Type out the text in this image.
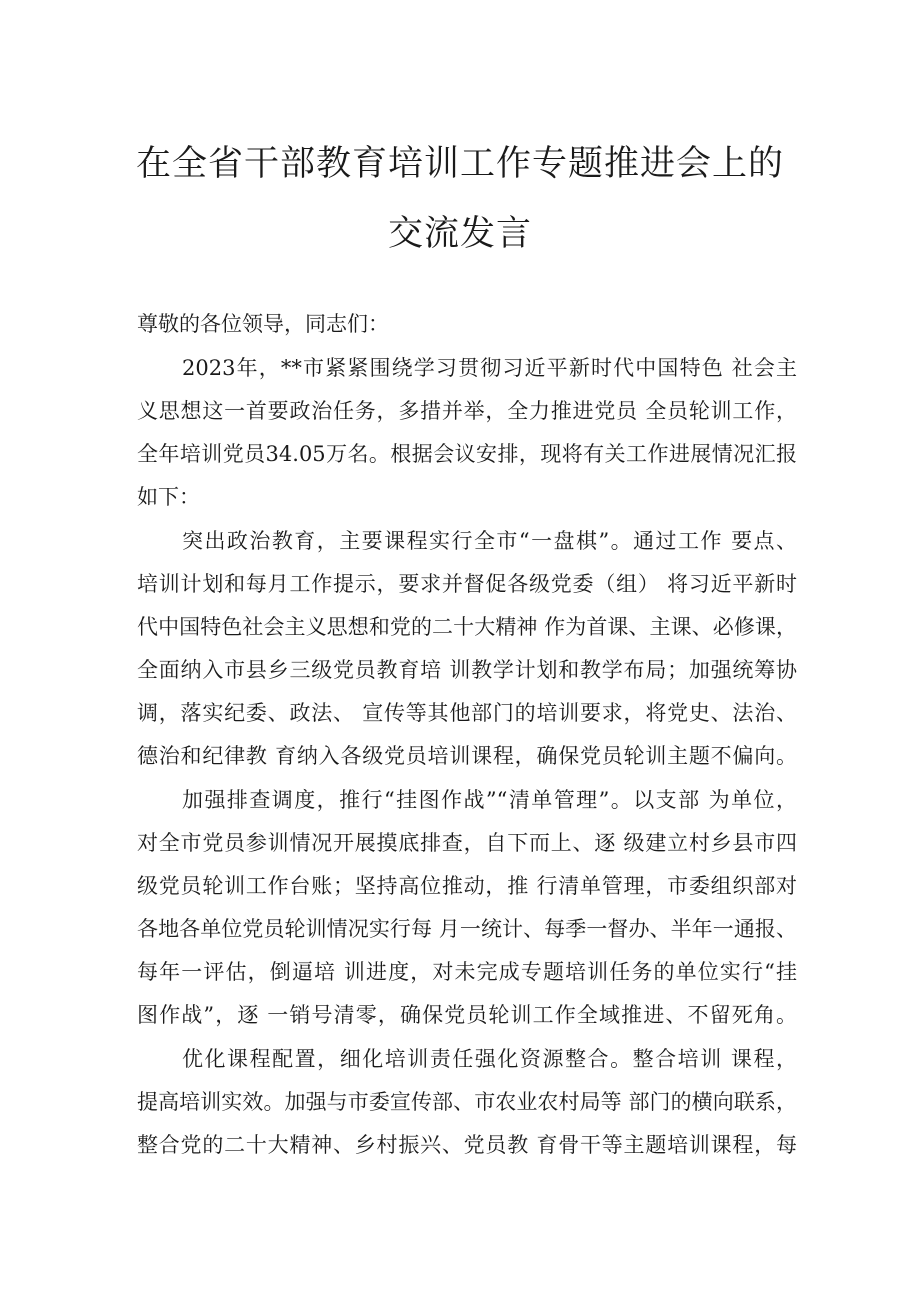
在全省干部教育培训工作专题推进会上的
交流发言

尊敬的各位领导，同志们：

2023年，**市紧紧围绕学习贯彻习近平新时代中国特色 社会主

义思想这一首要政治任务，多措并举，全力推进党员 全员轮训工作，

全年培训党员34.05万名。根据会议安排，现将有关工作进展情况汇报

如下：

突出政治教育，主要课程实行全市“一盘棋”。通过工作 要点、

培训计划和每月工作提示，要求并督促各级党委（组） 将习近平新时

代中国特色社会主义思想和党的二十大精神 作为首课、主课、必修课，

全面纳入市县乡三级党员教育培 训教学计划和教学布局；加强统筹协

调，落实纪委、政法、 宣传等其他部门的培训要求，将党史、法治、

德治和纪律教 育纳入各级党员培训课程，确保党员轮训主题不偏向。

加强排查调度，推行“挂图作战”“清单管理”。以支部 为单位，

对全市党员参训情况开展摸底排查，自下而上、逐 级建立村乡县市四

级党员轮训工作台账；坚持高位推动，推 行清单管理，市委组织部对

各地各单位党员轮训情况实行每 月一统计、每季一督办、半年一通报、

每年一评估，倒逼培 训进度，对未完成专题培训任务的单位实行“挂

图作战”，逐 一销号清零，确保党员轮训工作全域推进、不留死角。

优化课程配置，细化培训责任强化资源整合。整合培训 课程，

提高培训实效。加强与市委宣传部、市农业农村局等 部门的横向联系，

整合党的二十大精神、乡村振兴、党员教 育骨干等主题培训课程，每
